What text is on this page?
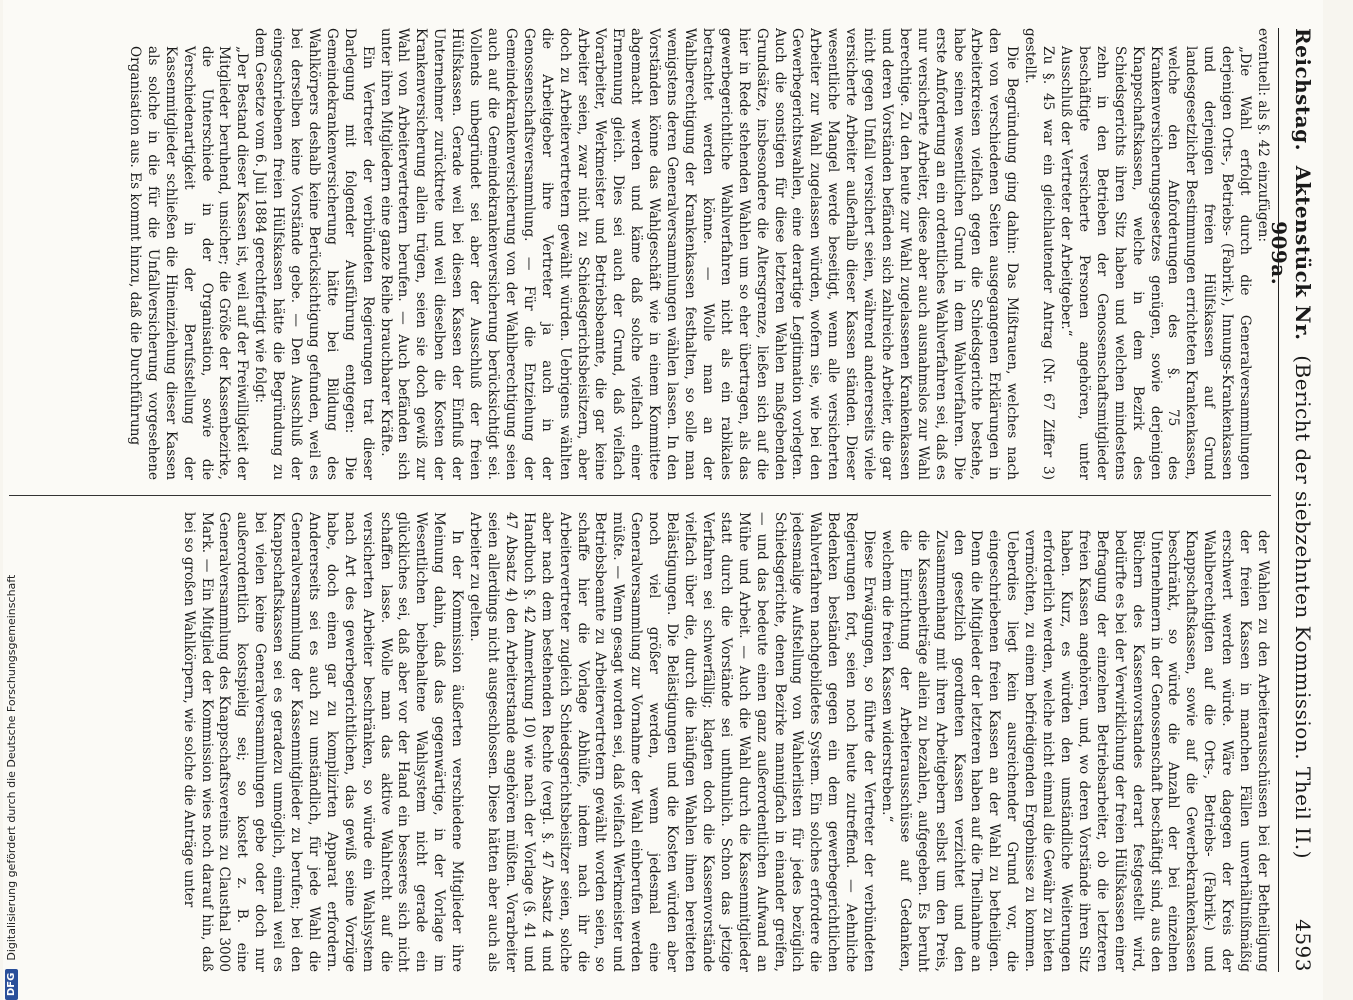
Reichstag.
Aktenstück Nr. 909a.
(Bericht der siebzehnten Kommission. Theil II.)
4593

eventuell: als §. 42 einzufügen:

„Die Wahl erfolgt durch die Generalversammlungen derjenigen Orts-, Betriebs- (Fabrik-), Innungs-Krankenkassen und derjenigen freien Hülfskassen auf Grund landesgesetzlicher Bestimmungen errichteten Krankenkassen, welche den Anforderungen des §. 75 des Krankenversicherungsgesetzes genügen, sowie derjenigen Knappschaftskassen, welche in dem Bezirk des Schiedsgerichts ihren Sitz haben und welchen mindestens zehn in den Betrieben der Genossenschaftsmitglieder beschäftigte versicherte Personen angehören, unter Ausschluß der Vertreter der Arbeitgeber.“

Zu §. 45 war ein gleichlautender Antrag (Nr. 67 Ziffer 3) gestellt.

Die Begründung ging dahin: Das Mißtrauen, welches nach den von verschiedenen Seiten ausgegangenen Erklärungen in Arbeiterkreisen vielfach gegen die Schiedsgerichte bestehe, habe seinen wesentlichen Grund in dem Wahlverfahren. Die erste Anforderung an ein ordentliches Wahlverfahren sei, daß es nur versicherte Arbeiter, diese aber auch ausnahmslos zur Wahl berechtige. Zu den heute zur Wahl zugelassenen Krankenkassen und deren Vorständen befänden sich zahlreiche Arbeiter, die gar nicht gegen Unfall versichert seien, während andererseits viele versicherte Arbeiter außerhalb dieser Kassen ständen. Dieser wesentliche Mangel werde beseitigt, wenn alle versicherten Arbeiter zur Wahl zugelassen würden, wofern sie, wie bei den Gewerbegerichtswahlen, eine derartige Legitimation vorlegten. Auch die sonstigen für diese letzteren Wahlen maßgebenden Grundsätze, insbesondere die Altersgrenze, ließen sich auf die hier in Rede stehenden Wahlen um so eher übertragen, als das gewerbegerichtliche Wahlverfahren nicht als ein rabikales betrachtet werden könne. — Wolle man an der Wahlberechtigung der Krankenkassen festhalten, so solle man wenigstens deren Generalversammlungen wählen lassen. In den Vorständen könne das Wahlgeschäft wie in einem Kommittee abgemacht werden und käme daß solche vielfach einer Ernennung gleich. Dies sei auch der Grund, daß vielfach Vorarbeiter, Werkmeister und Betriebsbeamte, die gar keine Arbeiter seien, zwar nicht zu Schiedsgerichtsbeisitzern, aber doch zu Arbeitervertretern gewählt würden. Uebrigens wählten die Arbeitgeber ihre Vertreter ja auch in der Genossenschaftsversammlung. — Für die Entziehung der Gemeindekrankenversicherung von der Wahlberechtigung seien auch auf die Gemeindekrankenversicherung berücksichtigt sei. Vollends unbegründet sei aber der Ausschluß der freien Hülfskassen. Gerade weil bei diesen Kassen der Einfluß der Unternehmer zurücktrete und weil dieselben die Kosten der Krankenversicherung allein trügen, seien sie doch gewiß zur Wahl von Arbeitervertretern berufen. — Auch befänden sich unter ihren Mitgliedern eine ganze Reihe brauchbarer Kräfte.

Ein Vertreter der verbündeten Regierungen trat dieser Darlegung mit folgender Ausführung entgegen: Die Gemeindekrankenversicherung hätte bei Bildung des Wahlkörpers deshalb keine Berücksichtigung gefunden, weil es bei derselben keine Vorstände gebe. — Den Ausschluß der eingeschriebenen freien Hülfskassen hätte die Begründung zu dem Gesetze vom 6. Juli 1884 gerechtfertigt wie folgt:

„Der Bestand dieser Kassen ist, weil auf der Freiwilligkeit der Mitglieder beruhend, unsicher; die Größe der Kassenbezirke, die Unterschiede in der Organisation, sowie die Verschiedenartigkeit in der Berufsstellung der Kassenmitglieder schließen die Hineinziehung dieser Kassen als solche in die für die Unfallversicherung vorgesehene Organisation aus. Es kommt hinzu, daß die Durchführung

der Wahlen zu den Arbeiterausschüssen bei der Betheiligung der freien Kassen in manchen Fällen unverhältnißmäßig erschwert werden würde. Wäre dagegen der Kreis der Wahlberechtigten auf die Orts-, Betriebs- (Fabrik-) und Knappschaftskassen, sowie auf die Gewerbekrankenkassen beschränkt, so würde die Anzahl der bei einzelnen Unternehmern in der Genossenschaft beschäftigt sind, aus den Büchern des Kassenvorstandes derart festgestellt wird, bedürfte es bei der Verwirklichung der freien Hülfskassen einer Befragung der einzelnen Betriebsarbeiter, ob die letzteren freien Kassen angehören, und, wo deren Vorstände ihren Sitz haben. Kurz, es würden den umständliche Weiterungen erforderlich werden, welche nicht einmal die Gewähr zu bieten vermöchten, zu einem befriedigenden Ergebnisse zu kommen. Ueberdies liegt kein ausreichender Grund vor, die eingeschriebenen freien Kassen an der Wahl zu betheiligen. Denn die Mitglieder der letzteren haben auf die Theilnahme an den gesetzlich geordneten Kassen verzichtet und den Zusammenhang mit ihren Arbeitgebern selbst um den Preis, die Kassenbeiträge allein zu bezahlen, aufgegeben. Es beruht die Einrichtung der Arbeiterausschüsse auf Gedanken, welchem die freien Kassen widerstreben.“

Diese Erwägungen, so führte der Vertreter der verbündeten Regierungen fort, seien noch heute zutreffend. — Aehnliche Bedenken beständen gegen ein dem gewerbegerichtlichen Wahlverfahren nachgebildetes System. Ein solches erfordere die jedesmalige Aufstellung von Wahlerlisten für jedes bezüglich Schiedsgerichte, denen Bezirke mannigfach in einander greifen, — und das bedeute einen ganz außerordentlichen Aufwand an Mühe und Arbeit. — Auch die Wahl durch die Kassenmitglieder statt durch die Vorstände sei unthunlich. Schon das jetzige Verfahren sei schwerfällig; klagten doch die Kassenvorstände vielfach über die, durch die häufigen Wahlen ihnen bereiteten Belästigungen. Die Belästigungen und die Kosten würden aber noch viel größer werden, wenn jedesmal eine Generalversammlung zur Vornahme der Wahl einberufen werden müßte. — Wenn gesagt worden sei, daß vielfach Werkmeister und Betriebsbeamte zu Arbeitervertretern gewählt worden seien, so schaffe hier die Vorlage Abhülfe, indem nach ihr die Arbeitervertreter zugleich Schiedsgerichtsbeisitzer seien, solche aber nach dem bestehenden Rechte (vergl. §. 47 Absatz 4 und Handbuch §. 42 Anmerkung 10) wie nach der Vorlage (§. 41 und 47 Absatz 4) den Arbeiterstande angehören müßten. Vorarbeiter seien allerdings nicht ausgeschlossen. Diese hätten aber auch als Arbeiter zu gelten.

In der Kommission äußerten verschiedene Mitglieder ihre Meinung dahin, daß das gegenwärtige, in der Vorlage im Wesentlichen beibehaltene Wahlsystem nicht gerade ein glückliches sei, daß aber vor der Hand ein besseres sich nicht schaffen lasse. Wolle man das aktive Wahlrecht auf die versicherten Arbeiter beschränken, so würde ein Wahlsystem nach Art des gewerbegerichtlichen, das gewiß seine Vorzüge habe, doch einen gar zu komplizirten Apparat erfordern. Andererseits sei es auch zu umständlich, für jede Wahl die Generalversammlung der Kassenmitglieder zu berufen; bei den Knappschaftskassen sei es geradezu unmöglich, einmal weil es bei vielen keine Generalversammlungen gebe oder doch nur außerordentlich kostspielig sei; so kostet z. B. eine Generalversammlung des Knappschaftsvereins zu Clausthal 3000 Mark. — Ein Mitglied der Kommission wies noch darauf hin, daß bei so großen Wahlkörpern, wie solche die Anträge unter

DFG
Digitalisierung gefördert durch die Deutsche Forschungsgemeinschaft
